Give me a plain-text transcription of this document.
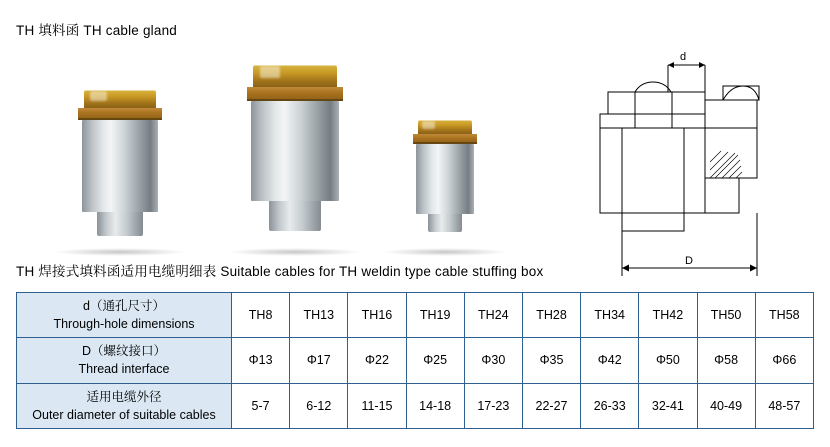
TH 填料函 TH cable gland
d
D
TH 焊接式填料函适用电缆明细表 Suitable cables for TH weldin type cable stuffing box
d（通孔尺寸）
Through-hole dimensions	TH8	TH13	TH16	TH19	TH24	TH28	TH34	TH42	TH50	TH58

D（螺纹接口）
Thread interface	Φ13	Φ17	Φ22	Φ25	Φ30	Φ35	Φ42	Φ50	Φ58	Φ66

适用电缆外径
Outer diameter of suitable cables	5-7	6-12	11-15	14-18	17-23	22-27	26-33	32-41	40-49	48-57
